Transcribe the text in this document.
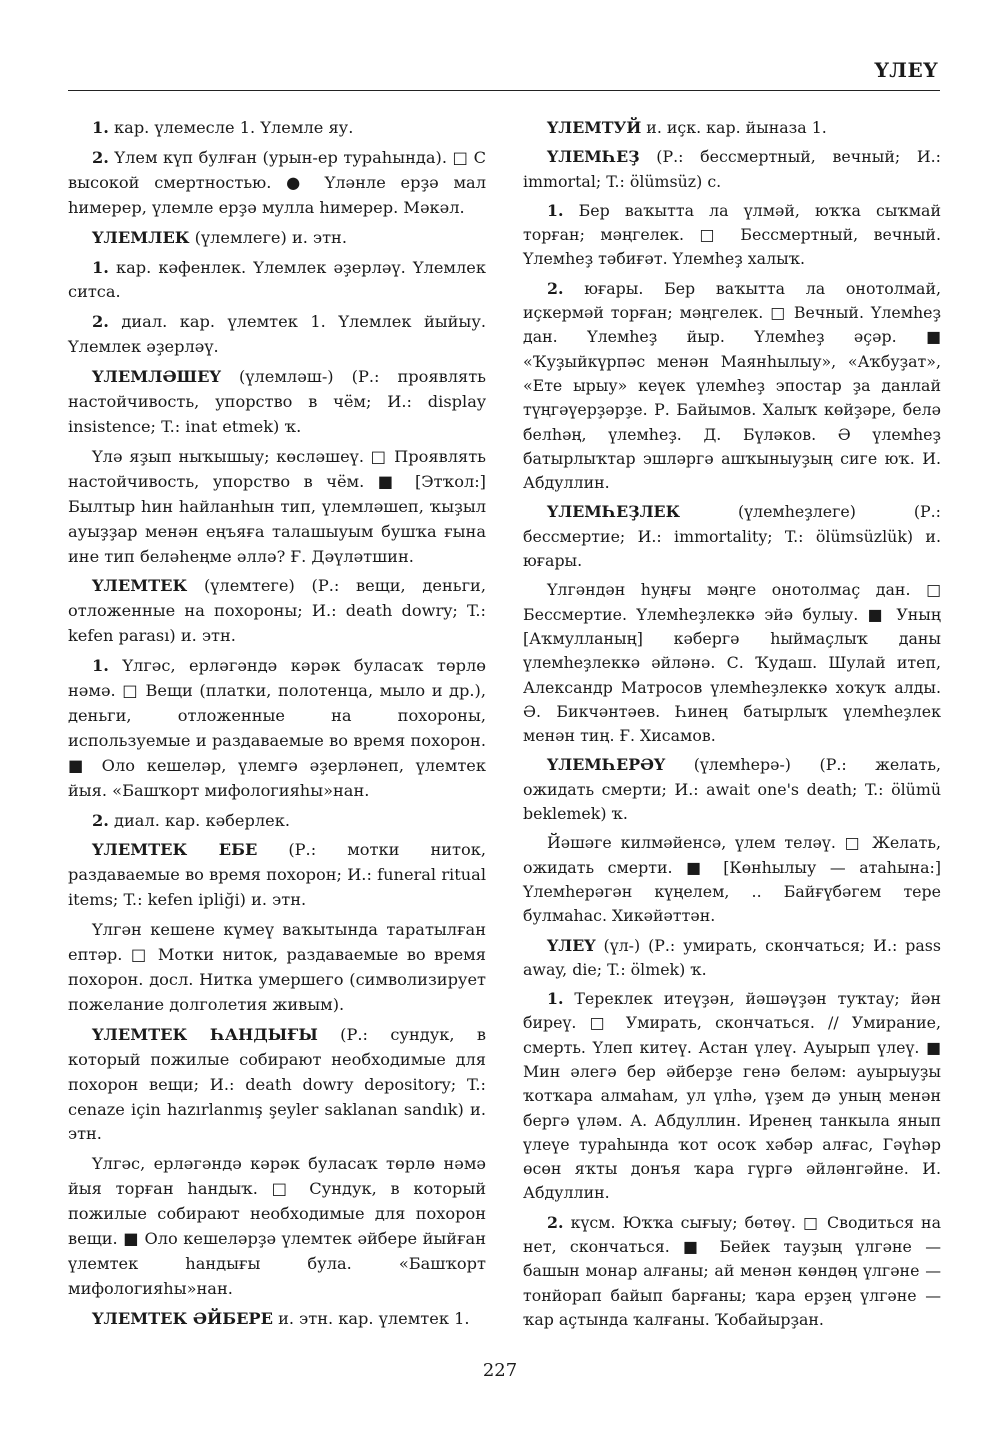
ҮЛЕҮ

1. кар. үлемесле 1. Үлемле яу.

2. Үлем күп булған (урын-ер тураһында). □ С высокой смертностью. ● Үләнле ерҙә мал һимерер, үлемле ерҙә мулла һимерер. Мәкәл.

ҮЛЕМЛЕК (үлемлеге) и. этн.

1. кар. кәфенлек. Үлемлек әҙерләү. Үлемлек ситса.

2. диал. кар. үлемтек 1. Үлемлек йыйыу. Үлемлек әҙерләү.

ҮЛЕМЛӘШЕҮ (үлемләш-) (Р.: проявлять настойчивость, упорство в чём; И.: display insistence; T.: inat etmek) ҡ.

Үлә яҙып ныҡышыу; көсләшеү. □ Проявлять настойчивость, упорство в чём. ■ [Этҡол:] Былтыр һин һайланһын тип, үлемләшеп, ҡыҙыл ауыҙҙар менән еңъяға талашыуым бушҡа ғына ине тип беләһеңме әллә? Ғ. Дәүләтшин.

ҮЛЕМТЕК (үлемтеге) (Р.: вещи, деньги, отложенные на похороны; И.: death dowry; T.: kefen parası) и. этн.

1. Үлгәс, ерләгәндә кәрәк буласаҡ төрлө нәмә. □ Вещи (платки, полотенца, мыло и др.), деньги, отложенные на похороны, используемые и раздаваемые во время похорон. ■ Оло кешеләр, үлемгә әҙерләнеп, үлемтек йыя. «Башҡорт мифологияһы»нан.

2. диал. кар. кәберлек.

ҮЛЕМТЕК ЕБЕ (Р.: мотки ниток, раздаваемые во время похорон; И.: funeral ritual items; T.: kefen ipliği) и. этн.

Үлгән кешене күмеү ваҡытында таратылған ептәр. □ Мотки ниток, раздаваемые во время похорон. досл. Нитка умершего (символизирует пожелание долголетия живым).

ҮЛЕМТЕК ҺАНДЫҒЫ (Р.: сундук, в который пожилые собирают необходимые для похорон вещи; И.: death dowry depository; T.: cenaze için hazırlanmış şeyler saklanan sandık) и. этн.

Үлгәс, ерләгәндә кәрәк буласаҡ төрлө нәмә йыя торған һандыҡ. □ Сундук, в который пожилые собирают необходимые для похорон вещи. ■ Оло кешеләрҙә үлемтек әйбере йыйған үлемтек һандығы була. «Башҡорт мифологияһы»нан.

ҮЛЕМТЕК ӘЙБЕРЕ и. этн. кар. үлемтек 1.

ҮЛЕМТУЙ и. иҫк. кар. йыназа 1.

ҮЛЕМҺЕҘ (Р.: бессмертный, вечный; И.: immortal; T.: ölümsüz) с.

1. Бер ваҡытта ла үлмәй, юҡҡа сыҡмай торған; мәңгелек. □ Бессмертный, вечный. Үлемһеҙ тәбиғәт. Үлемһеҙ халыҡ.

2. юғары. Бер ваҡытта ла онотолмай, иҫкермәй торған; мәңгелек. □ Вечный. Үлемһеҙ дан. Үлемһеҙ йыр. Үлемһеҙ әҫәр. ■ «Ҡуҙыйкүрпәс менән Маянһылыу», «Аҡбуҙат», «Ете ырыу» кеүек үлемһеҙ эпостар ҙа данлай түңгәүерҙәрҙе. Р. Байымов. Халыҡ көйҙәре, белә белһәң, үлемһеҙ. Д. Бүләков. Ә үлемһеҙ батырлыҡтар эшләргә ашҡыныуҙың сиге юҡ. И. Абдуллин.

ҮЛЕМҺЕҘЛЕК (үлемһеҙлеге) (Р.: бессмертие; И.: immortality; T.: ölümsüzlük) и. юғары.

Үлгәндән һуңғы мәңге онотолмаҫ дан. □ Бессмертие. Үлемһеҙлеккә эйә булыу. ■ Уның [Аҡмулланың] кәбергә һыймаҫлыҡ даны үлемһеҙлеккә әйләнә. С. Ҡудаш. Шулай итеп, Александр Матросов үлемһеҙлеккә хоҡуҡ алды. Ә. Бикчәнтәев. Һинең батырлыҡ үлемһеҙлек менән тиң. Ғ. Хисамов.

ҮЛЕМҺЕРӘҮ (үлемһерә-) (Р.: желать, ожидать смерти; И.: await one's death; T.: ölümü beklemek) ҡ.

Йәшәге килмәйенсә, үлем теләү. □ Желать, ожидать смерти. ■ [Көнһылыу — атаһына:] Үлемһерәгән күңелем, .. Байғүбәгем тере булмаһас. Хикәйәттән.

ҮЛЕҮ (үл-) (Р.: умирать, скончаться; И.: pass away, die; T.: ölmek) ҡ.

1. Тереклек итеүҙән, йәшәүҙән туҡтау; йән биреү. □ Умирать, скончаться. // Умирание, смерть. Үлеп китеү. Астан үлеү. Ауырып үлеү. ■ Мин әлегә бер әйберҙе генә беләм: ауырыуҙы ҡотҡара алмаһам, ул үлһә, үҙем дә уның менән бергә үләм. А. Абдуллин. Иренең танкыла янып үлеүе тураһында ҡот осоҡ хәбәр алғас, Гәүһәр өсөн яҡты донъя ҡара гүргә әйләнгәйне. И. Абдуллин.

2. күсм. Юҡҡа сығыу; бөтөү. □ Сводиться на нет, скончаться. ■ Бейек тауҙың үлгәне — башын монар алғаны; ай менән көндөң үлгәне — тонйорап байып барғаны; ҡара ерҙең үлгәне — ҡар аҫтында ҡалғаны. Ҡобайырҙан.

227
